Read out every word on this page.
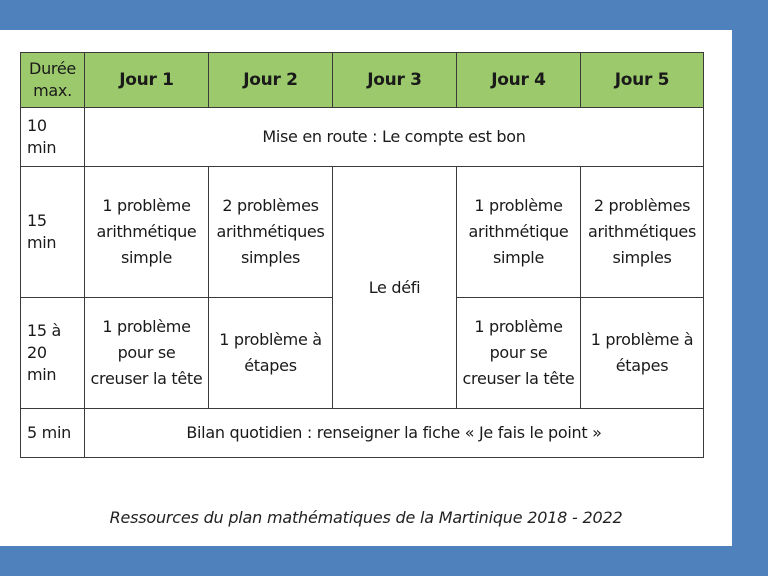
Durée
max.	Jour 1	Jour 2	Jour 3	Jour 4	Jour 5

10
min	Mise en route : Le compte est bon				

15
min	1 problème arithmétique simple	2 problèmes arithmétiques simples	Le défi	1 problème arithmétique simple	2 problèmes arithmétiques simples

15 à
20
min	1 problème pour se creuser la tête	1 problème à étapes		1 problème pour se creuser la tête	1 problème à étapes
5 min	Bilan quotidien : renseigner la fiche « Je fais le point »				
Ressources du plan mathématiques de la Martinique 2018 - 2022
